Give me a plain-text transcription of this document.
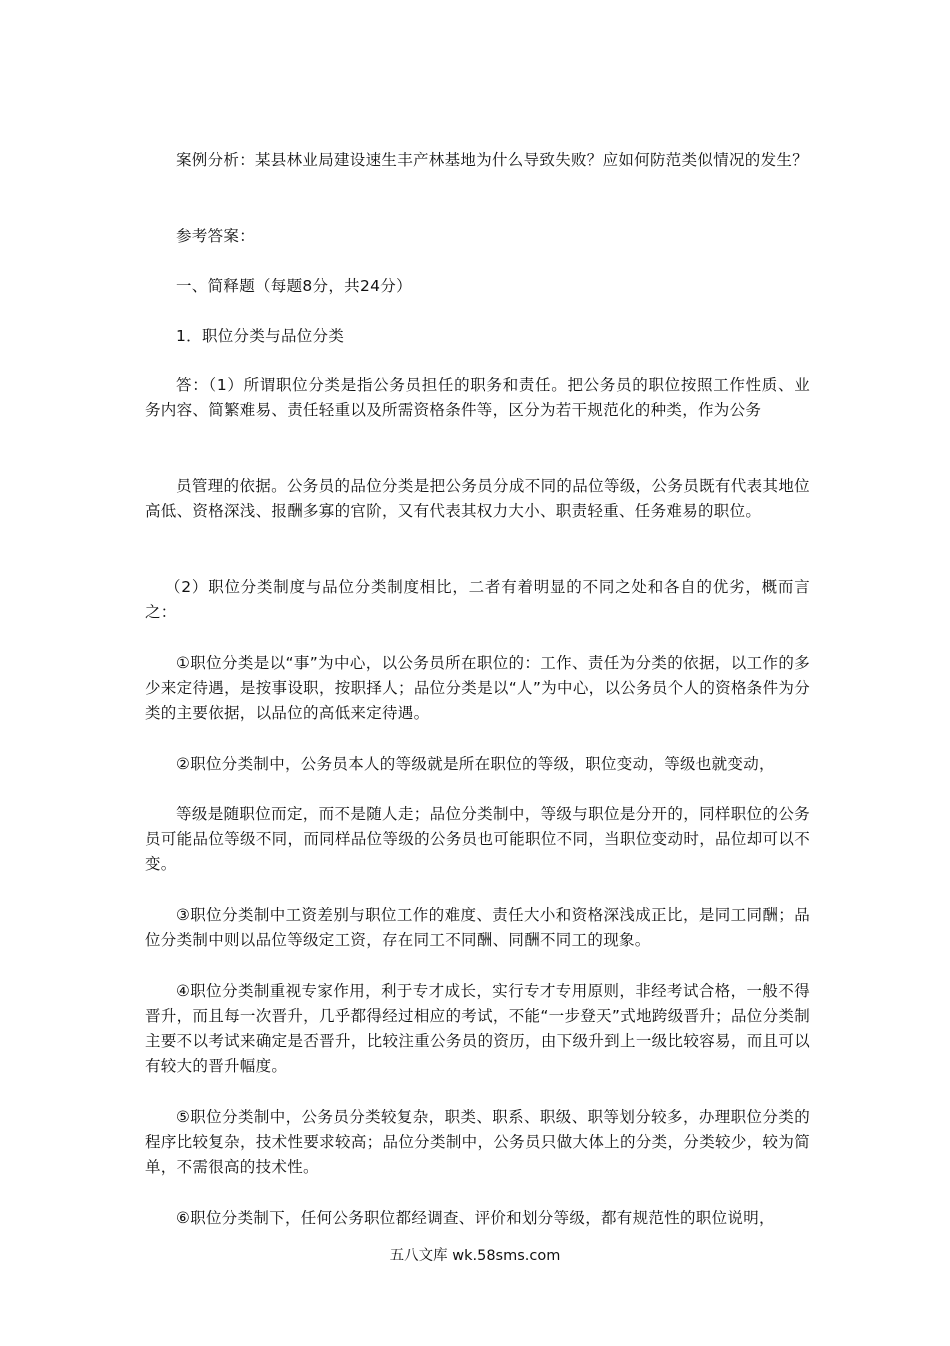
案例分析：某县林业局建设速生丰产林基地为什么导致失败？应如何防范类似情况的发生？

参考答案：

一、简释题（每题8分，共24分）

1．职位分类与品位分类

答：（1）所谓职位分类是指公务员担任的职务和责任。把公务员的职位按照工作性质、业务内容、简繁难易、责任轻重以及所需资格条件等，区分为若干规范化的种类，作为公务

员管理的依据。公务员的品位分类是把公务员分成不同的品位等级，公务员既有代表其地位高低、资格深浅、报酬多寡的官阶，又有代表其权力大小、职责轻重、任务难易的职位。

（2）职位分类制度与品位分类制度相比，二者有着明显的不同之处和各自的优劣，概而言之：

①职位分类是以“事”为中心，以公务员所在职位的：工作、责任为分类的依据，以工作的多少来定待遇，是按事设职，按职择人；品位分类是以“人”为中心，以公务员个人的资格条件为分类的主要依据，以品位的高低来定待遇。

②职位分类制中，公务员本人的等级就是所在职位的等级，职位变动，等级也就变动，

等级是随职位而定，而不是随人走；品位分类制中，等级与职位是分开的，同样职位的公务员可能品位等级不同，而同样品位等级的公务员也可能职位不同，当职位变动时，品位却可以不变。

③职位分类制中工资差别与职位工作的难度、责任大小和资格深浅成正比，是同工同酬；品位分类制中则以品位等级定工资，存在同工不同酬、同酬不同工的现象。

④职位分类制重视专家作用，利于专才成长，实行专才专用原则，非经考试合格，一般不得晋升，而且每一次晋升，几乎都得经过相应的考试，不能“一步登天”式地跨级晋升；品位分类制主要不以考试来确定是否晋升，比较注重公务员的资历，由下级升到上一级比较容易，而且可以有较大的晋升幅度。

⑤职位分类制中，公务员分类较复杂，职类、职系、职级、职等划分较多，办理职位分类的程序比较复杂，技术性要求较高；品位分类制中，公务员只做大体上的分类，分类较少，较为简单，不需很高的技术性。

⑥职位分类制下，任何公务职位都经调查、评价和划分等级，都有规范性的职位说明，

五八文库 wk.58sms.com
